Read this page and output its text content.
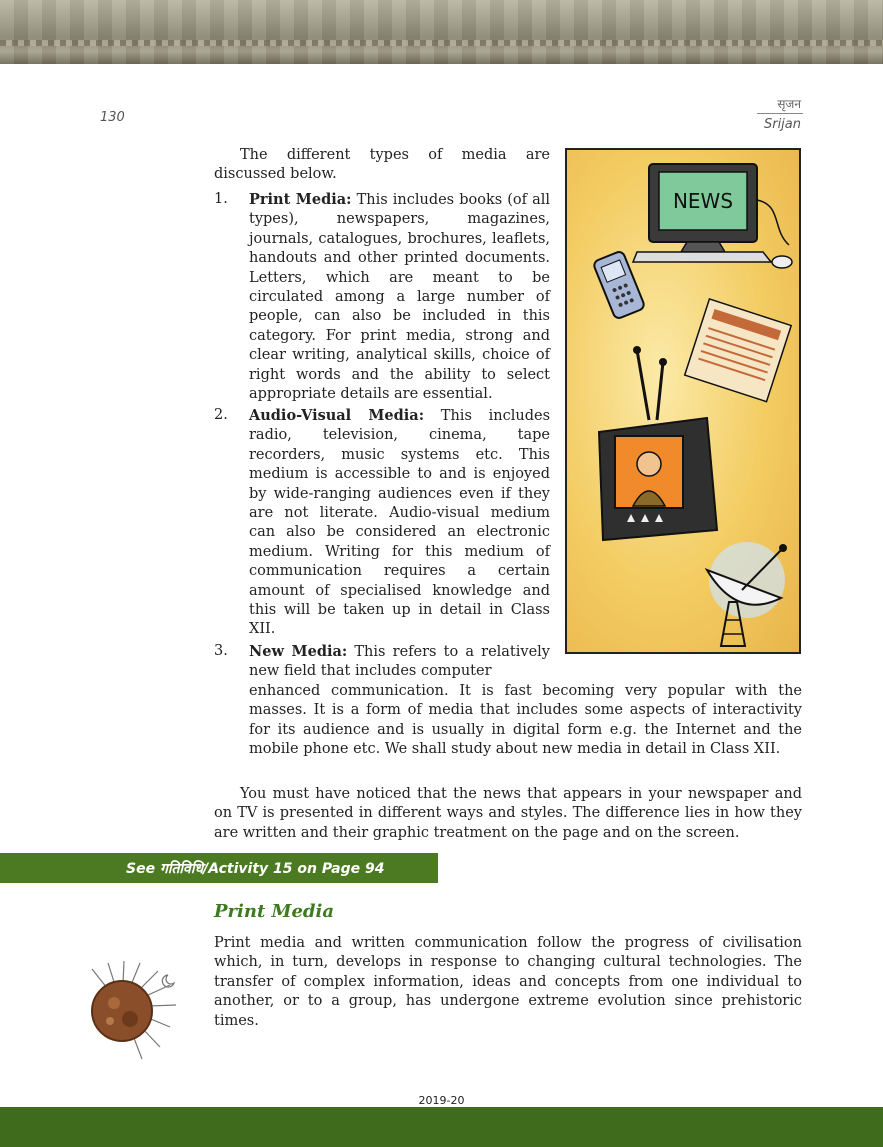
130
सृजन
Srijan
The different types of media are discussed below.
1. Print Media: This includes books (of all types), newspapers, magazines, journals, catalogues, brochures, leaflets, handouts and other printed documents. Letters, which are meant to be circulated among a large number of people, can also be included in this category. For print media, strong and clear writing, analytical skills, choice of right words and the ability to select appropriate details are essential.
2. Audio-Visual Media: This includes radio, television, cinema, tape recorders, music systems etc. This medium is accessible to and is enjoyed by wide-ranging audiences even if they are not literate. Audio-visual medium can also be considered an electronic medium. Writing for this medium of communication requires a certain amount of specialised knowledge and this will be taken up in detail in Class XII.
3. New Media: This refers to a relatively new field that includes computer
enhanced communication. It is fast becoming very popular with the masses. It is a form of media that includes some aspects of interactivity for its audience and is usually in digital form e.g. the Internet and the mobile phone etc. We shall study about new media in detail in Class XII.
NEWS
You must have noticed that the news that appears in your newspaper and on TV is presented in different ways and styles. The difference lies in how they are written and their graphic treatment on the page and on the screen.
See गतिविधि/Activity 15 on Page 94
Print Media
Print media and written communication follow the progress of civilisation which, in turn, develops in response to changing cultural technologies. The transfer of complex information, ideas and concepts from one individual to another, or to a group, has undergone extreme evolution since prehistoric times.
2019-20
